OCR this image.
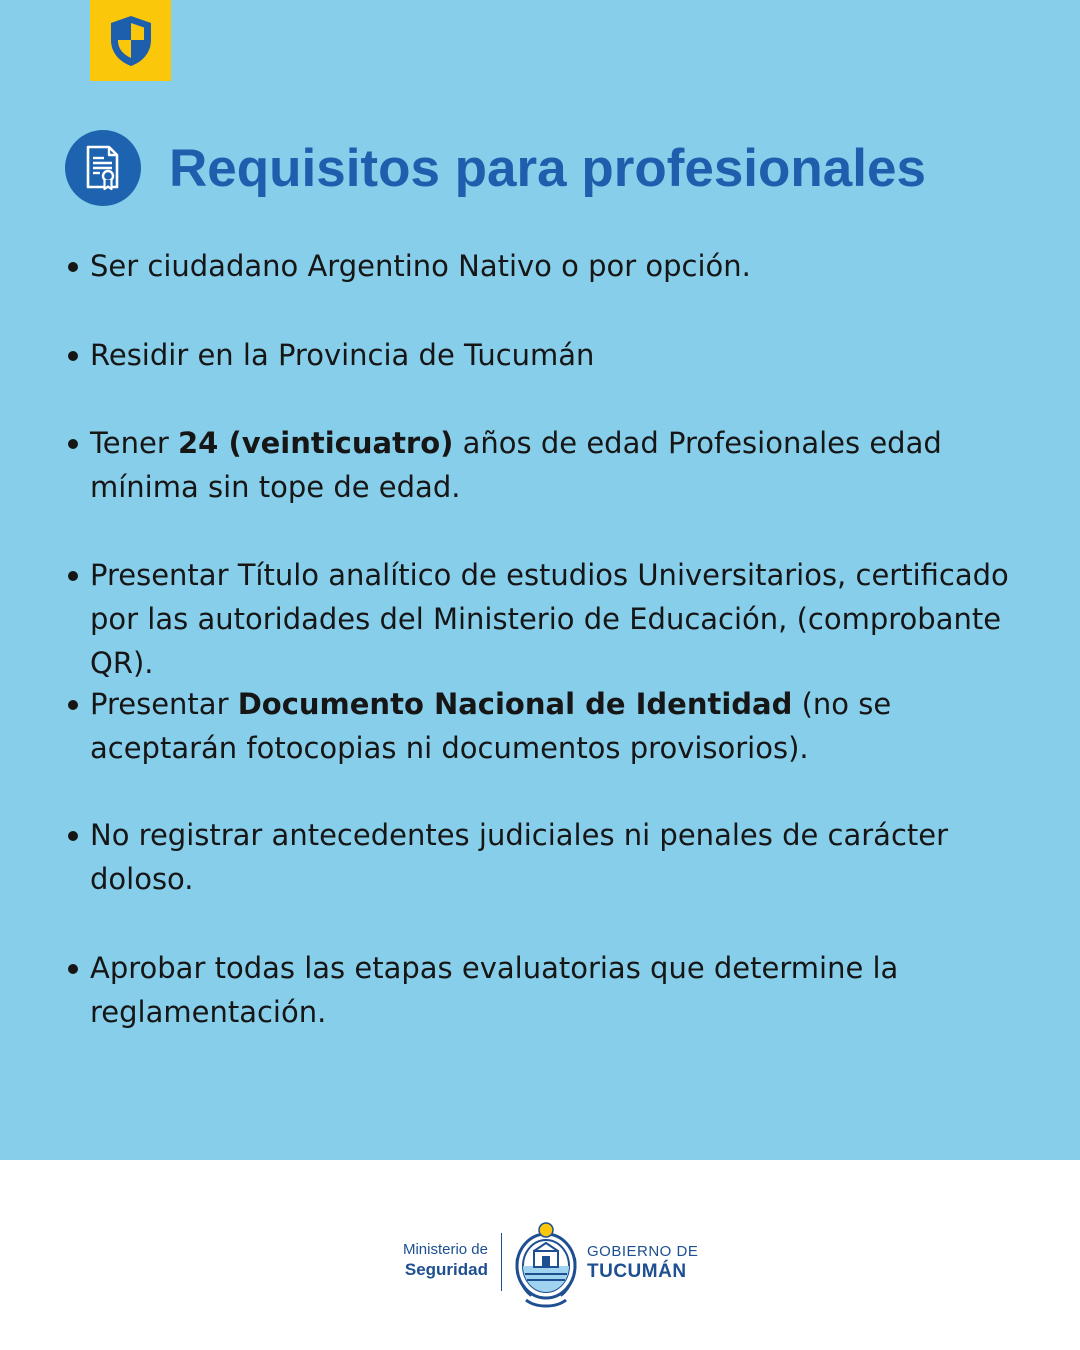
Requisitos para profesionales
Ser ciudadano Argentino Nativo o por opción.
Residir en la Provincia de Tucumán
Tener 24 (veinticuatro) años de edad Profesionales edad mínima sin tope de edad.
Presentar Título analítico de estudios Universitarios, certificado por las autoridades del Ministerio de Educación, (comprobante QR).
Presentar Documento Nacional de Identidad (no se aceptarán fotocopias ni documentos provisorios).
No registrar antecedentes judiciales ni penales de carácter doloso.
Aprobar todas las etapas evaluatorias que determine la reglamentación.
Ministerio de
Seguridad
GOBIERNO DE
TUCUMÁN
